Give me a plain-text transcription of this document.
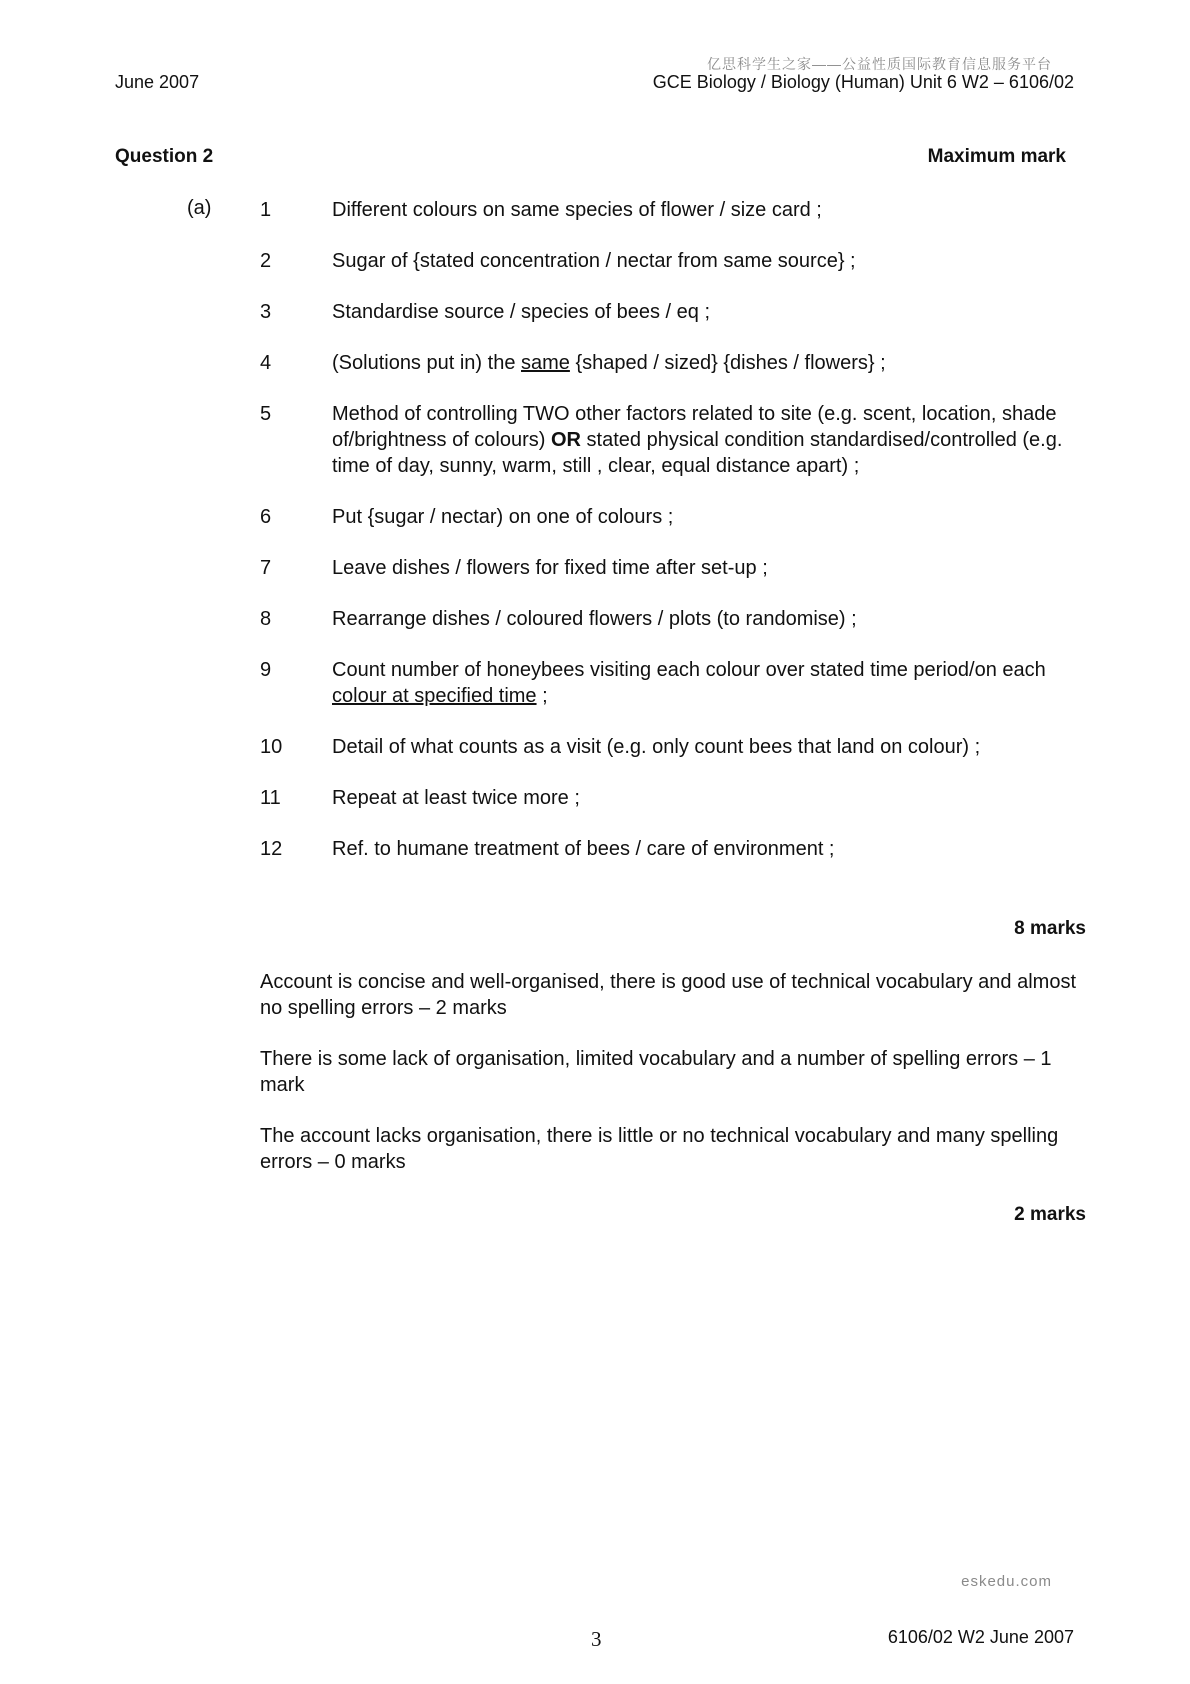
亿思科学生之家——公益性质国际教育信息服务平台
June 2007	GCE Biology / Biology (Human) Unit 6 W2 – 6106/02
Question 2	Maximum mark
(a) 1	Different colours on same species of flower / size card ;
2	Sugar of {stated concentration / nectar from same source} ;
3	Standardise source / species of bees / eq ;
4	(Solutions put in) the same {shaped / sized} {dishes / flowers} ;
5	Method of controlling TWO other factors related to site (e.g. scent, location, shade of/brightness of colours) OR stated physical condition standardised/controlled (e.g. time of day, sunny, warm, still , clear, equal distance apart) ;
6	Put {sugar / nectar) on one of colours ;
7	Leave dishes / flowers for fixed time after set-up ;
8	Rearrange dishes / coloured flowers / plots (to randomise) ;
9	Count number of honeybees visiting each colour over stated time period/on each colour at specified time ;
10	Detail of what counts as a visit (e.g. only count bees that land on colour) ;
11	Repeat at least twice more ;
12	Ref. to humane treatment of bees / care of environment ;
8 marks

Account is concise and well-organised, there is good use of technical vocabulary and almost no spelling errors – 2 marks

There is some lack of organisation, limited vocabulary and a number of spelling errors – 1 mark

The account lacks organisation, there is little or no technical vocabulary and many spelling errors – 0 marks

2 marks
eskedu.com
3	6106/02 W2 June 2007
